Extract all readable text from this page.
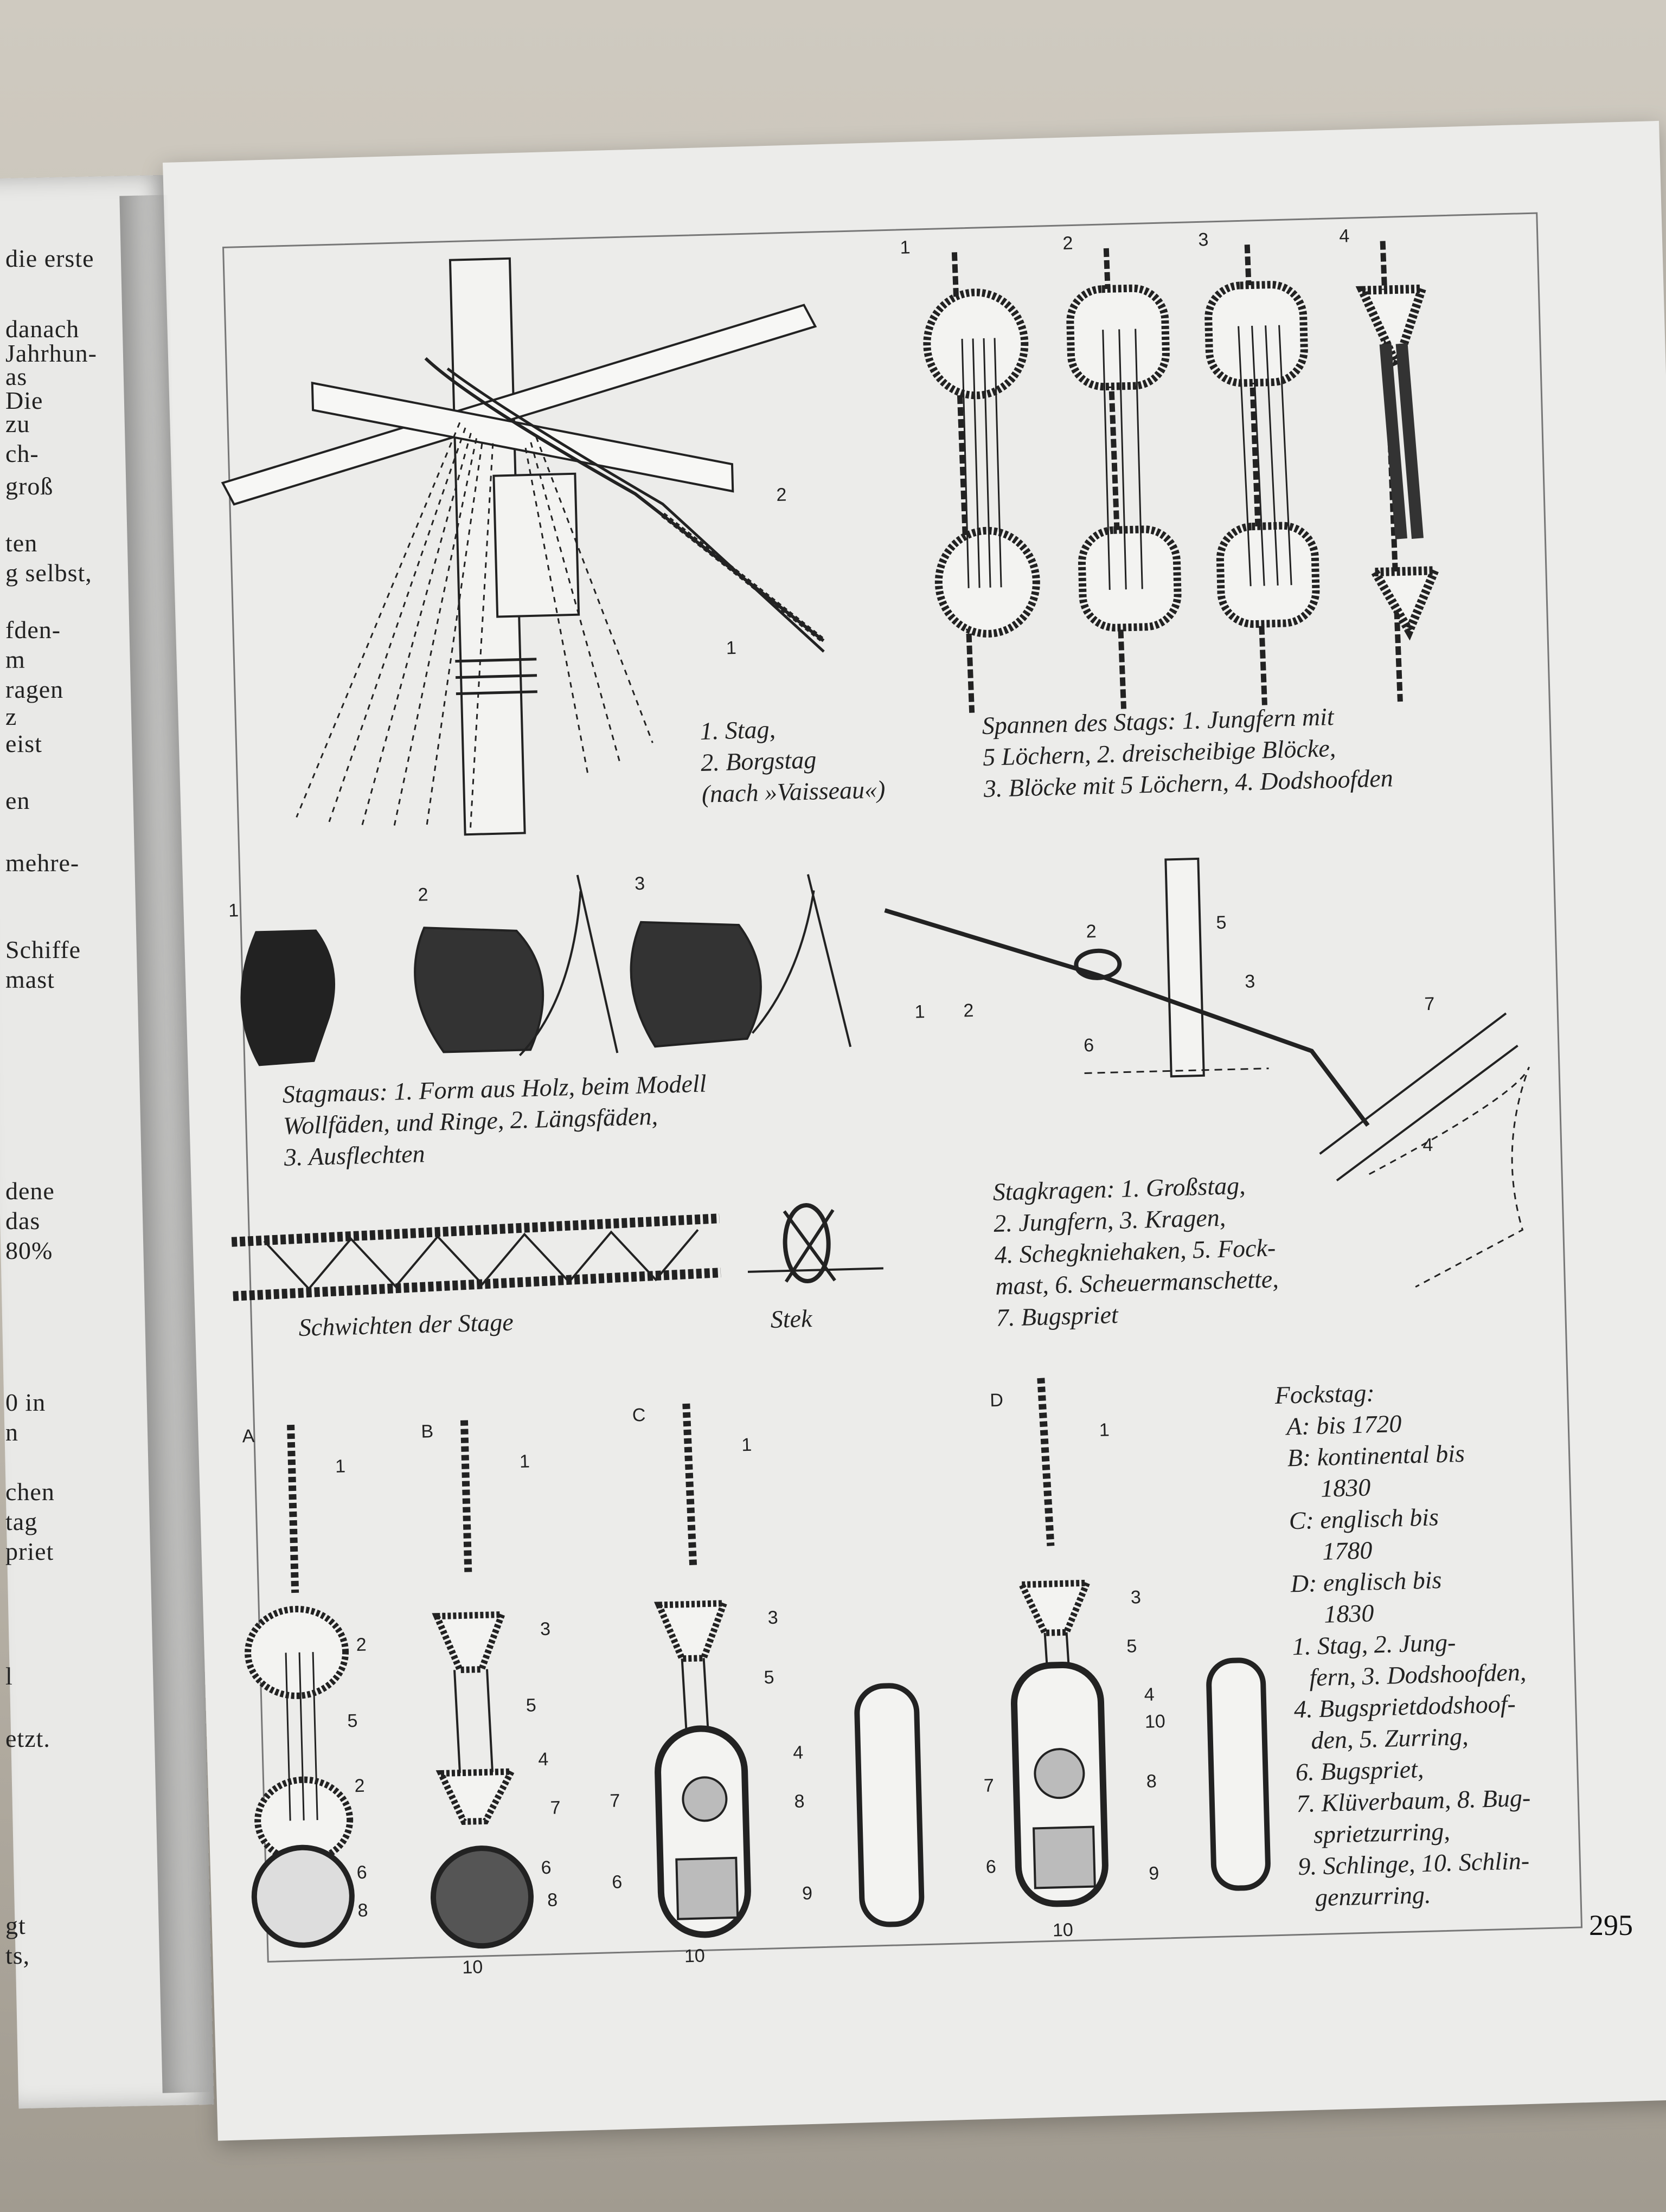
die erste
danach
Jahrhun-
as
Die
zu
ch-
groß
ten
g selbst,
fden-
m
ragen
z
eist
en
mehre-
Schiffe
mast
dene
das
80%
0 in
n
chen
tag
priet
l
etzt.
gt
ts,
2
1
1	2	3	4
1
2
3
5
2
3
7
1 2
6
4
A	B
C
D
1
2
5
2
6
8
1
3
5
4
7
6
8
10
1
3
5
4
7	8
6
9
10
1
3
5
4
10
7	8
6	9
10
1. Stag,
2. Borgstag
(nach »Vaisseau«)
Spannen des Stags: 1. Jungfern mit
5 Löchern, 2. dreischeibige Blöcke,
3. Blöcke mit 5 Löchern, 4. Dodshoofden
Stagmaus: 1. Form aus Holz, beim Modell
Wollfäden, und Ringe, 2. Längsfäden,
3. Ausflechten
Schwichten der Stage	Stek
Stagkragen: 1. Großstag,
2. Jungfern, 3. Kragen,
4. Schegkniehaken, 5. Fock-
mast, 6. Scheuermanschette,
7. Bugspriet
Fockstag:
A: bis 1720
B: kontinental bis
1830
C: englisch bis
1780
D: englisch bis
1830
1. Stag, 2. Jung-
fern, 3. Dodshoofden,
4. Bugsprietdodshoof-
den, 5. Zurring,
6. Bugspriet,
7. Klüverbaum, 8. Bug-
sprietzurring,
9. Schlinge, 10. Schlin-
genzurring.
295
